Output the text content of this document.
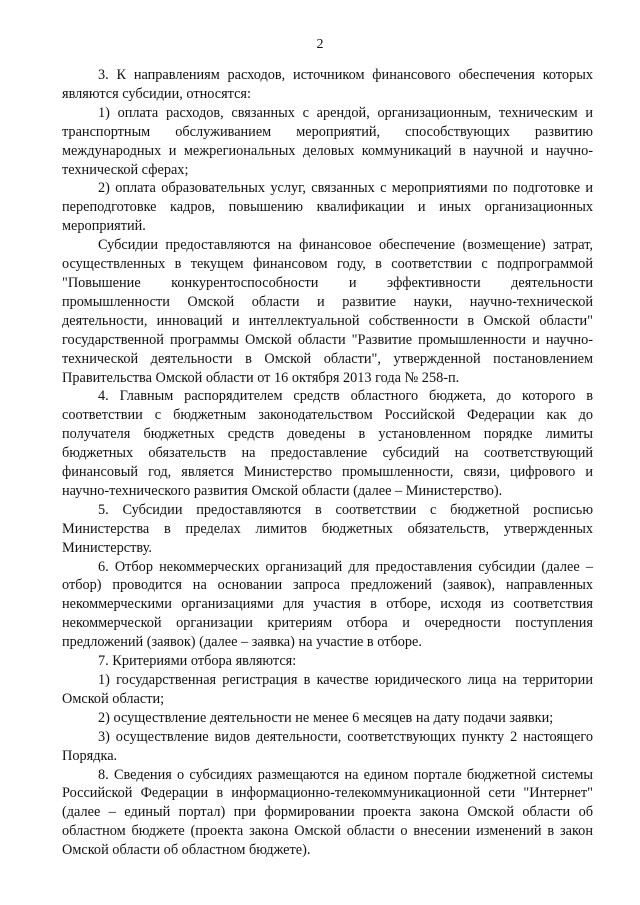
2

3. К направлениям расходов, источником финансового обеспечения которых являются субсидии, относятся:

1) оплата расходов, связанных с арендой, организационным, техническим и транспортным обслуживанием мероприятий, способствующих развитию международных и межрегиональных деловых коммуникаций в научной и научно-технической сферах;

2) оплата образовательных услуг, связанных с мероприятиями по подготовке и переподготовке кадров, повышению квалификации и иных организационных мероприятий.

Субсидии предоставляются на финансовое обеспечение (возмещение) затрат, осуществленных в текущем финансовом году, в соответствии с подпрограммой "Повышение конкурентоспособности и эффективности деятельности промышленности Омской области и развитие науки, научно-технической деятельности, инноваций и интеллектуальной собственности в Омской области" государственной программы Омской области "Развитие промышленности и научно-технической деятельности в Омской области", утвержденной постановлением Правительства Омской области от 16 октября 2013 года № 258-п.

4. Главным распорядителем средств областного бюджета, до которого в соответствии с бюджетным законодательством Российской Федерации как до получателя бюджетных средств доведены в установленном порядке лимиты бюджетных обязательств на предоставление субсидий на соответствующий финансовый год, является Министерство промышленности, связи, цифрового и научно-технического развития Омской области (далее – Министерство).

5. Субсидии предоставляются в соответствии с бюджетной росписью Министерства в пределах лимитов бюджетных обязательств, утвержденных Министерству.

6. Отбор некоммерческих организаций для предоставления субсидии (далее – отбор) проводится на основании запроса предложений (заявок), направленных некоммерческими организациями для участия в отборе, исходя из соответствия некоммерческой организации критериям отбора и очередности поступления предложений (заявок) (далее – заявка) на участие в отборе.

7. Критериями отбора являются:

1) государственная регистрация в качестве юридического лица на территории Омской области;

2) осуществление деятельности не менее 6 месяцев на дату подачи заявки;

3) осуществление видов деятельности, соответствующих пункту 2 настоящего Порядка.

8. Сведения о субсидиях размещаются на едином портале бюджетной системы Российской Федерации в информационно-телекоммуникационной сети "Интернет" (далее – единый портал) при формировании проекта закона Омской области об областном бюджете (проекта закона Омской области о внесении изменений в закон Омской области об областном бюджете).
